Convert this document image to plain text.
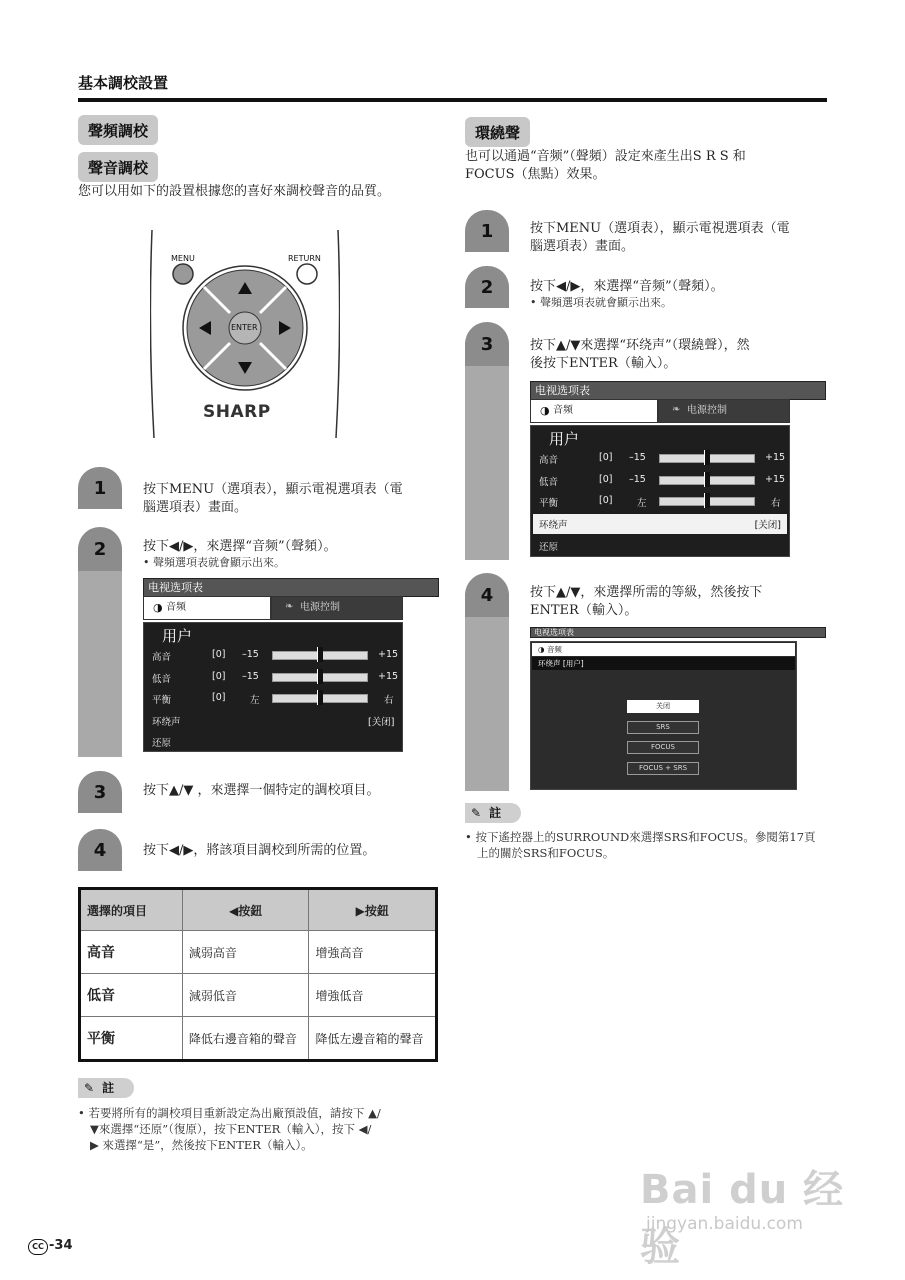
基本調校設置
聲頻調校
聲音調校
您可以用如下的設置根據您的喜好來調校聲音的品質。
MENU	RETURN
ENTER
SHARP
1	按下MENU（選項表），顯示電視選項表（電
腦選項表）畫面。
2	按下◀/▶，來選擇“音频”（聲頻）。
• 聲頻選項表就會顯示出來。
电视选项表
音频
◑	电源控制
❧
用户
高音	[0] –15	+15
低音	[0] –15	+15
平衡	[0]	左	右
环绕声	[关闭]
还原
3	按下▲/▼ ，來選擇一個特定的調校項目。
4	按下◀/▶，將該項目調校到所需的位置。
選擇的項目	◀按鈕	▶按鈕
高音	減弱高音	增強高音
低音	減弱低音	增強低音
平衡	降低右邊音箱的聲音	降低左邊音箱的聲音
✎ 註
• 若要將所有的調校項目重新設定為出廠預設值，請按下 ▲/
▼來選擇“还原”（復原），按下ENTER（輸入），按下 ◀/
▶ 來選擇“是”，然後按下ENTER（輸入）。
環繞聲
也可以通過“音频”（聲頻）設定來產生出S R S 和
FOCUS（焦點）效果。
1	按下MENU（選項表），顯示電視選項表（電
腦選項表）畫面。
2	按下◀/▶，來選擇“音频”（聲頻）。
• 聲頻選項表就會顯示出來。
3	按下▲/▼來選擇“环绕声”（環繞聲），然
後按下ENTER（輸入）。
电视选项表
音频
◑	电源控制
❧
用户
高音	[0] –15	+15
低音	[0] –15	+15
平衡	[0]	左	右
环绕声	[关闭]
还原
4	按下▲/▼，來選擇所需的等級，然後按下
ENTER（輸入）。
电视选项表
◑ 音频
环绕声 [用户]
关闭
SRS
FOCUS
FOCUS + SRS
✎ 註
• 按下遙控器上的SURROUND來選擇SRS和FOCUS。參閱第17頁
上的關於SRS和FOCUS。
CC -34
Bai du 经验
jingyan.baidu.com
